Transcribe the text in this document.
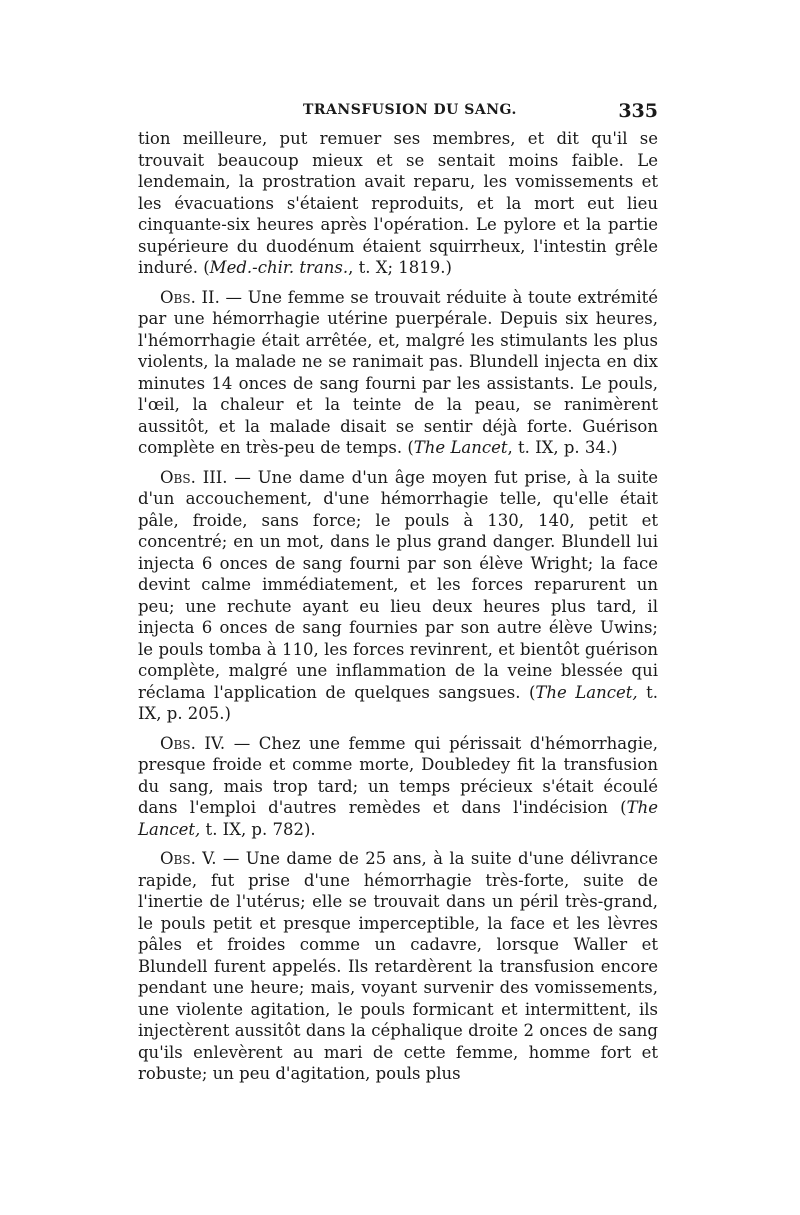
TRANSFUSION DU SANG.	335

tion meilleure, put remuer ses membres, et dit qu'il se trouvait beaucoup mieux et se sentait moins faible. Le lendemain, la prostration avait reparu, les vomissements et les évacuations s'étaient reproduits, et la mort eut lieu cinquante-six heures après l'opération. Le pylore et la partie supérieure du duodénum étaient squirrheux, l'intestin grêle induré. (Med.-chir. trans., t. X; 1819.)

Obs. II. — Une femme se trouvait réduite à toute extrémité par une hémorrhagie utérine puerpérale. Depuis six heures, l'hémorrhagie était arrêtée, et, malgré les stimulants les plus violents, la malade ne se ranimait pas. Blundell injecta en dix minutes 14 onces de sang fourni par les assistants. Le pouls, l'œil, la chaleur et la teinte de la peau, se ranimèrent aussitôt, et la malade disait se sentir déjà forte. Guérison complète en très-peu de temps. (The Lancet, t. IX, p. 34.)

Obs. III. — Une dame d'un âge moyen fut prise, à la suite d'un accouchement, d'une hémorrhagie telle, qu'elle était pâle, froide, sans force; le pouls à 130, 140, petit et concentré; en un mot, dans le plus grand danger. Blundell lui injecta 6 onces de sang fourni par son élève Wright; la face devint calme immédiatement, et les forces reparurent un peu; une rechute ayant eu lieu deux heures plus tard, il injecta 6 onces de sang fournies par son autre élève Uwins; le pouls tomba à 110, les forces revinrent, et bientôt guérison complète, malgré une inflammation de la veine blessée qui réclama l'application de quelques sangsues. (The Lancet, t. IX, p. 205.)

Obs. IV. — Chez une femme qui périssait d'hémorrhagie, presque froide et comme morte, Doubledey fit la transfusion du sang, mais trop tard; un temps précieux s'était écoulé dans l'emploi d'autres remèdes et dans l'indécision (The Lancet, t. IX, p. 782).

Obs. V. — Une dame de 25 ans, à la suite d'une délivrance rapide, fut prise d'une hémorrhagie très-forte, suite de l'inertie de l'utérus; elle se trouvait dans un péril très-grand, le pouls petit et presque imperceptible, la face et les lèvres pâles et froides comme un cadavre, lorsque Waller et Blundell furent appelés. Ils retardèrent la transfusion encore pendant une heure; mais, voyant survenir des vomissements, une violente agitation, le pouls formicant et intermittent, ils injectèrent aussitôt dans la céphalique droite 2 onces de sang qu'ils enlevèrent au mari de cette femme, homme fort et robuste; un peu d'agitation, pouls plus
